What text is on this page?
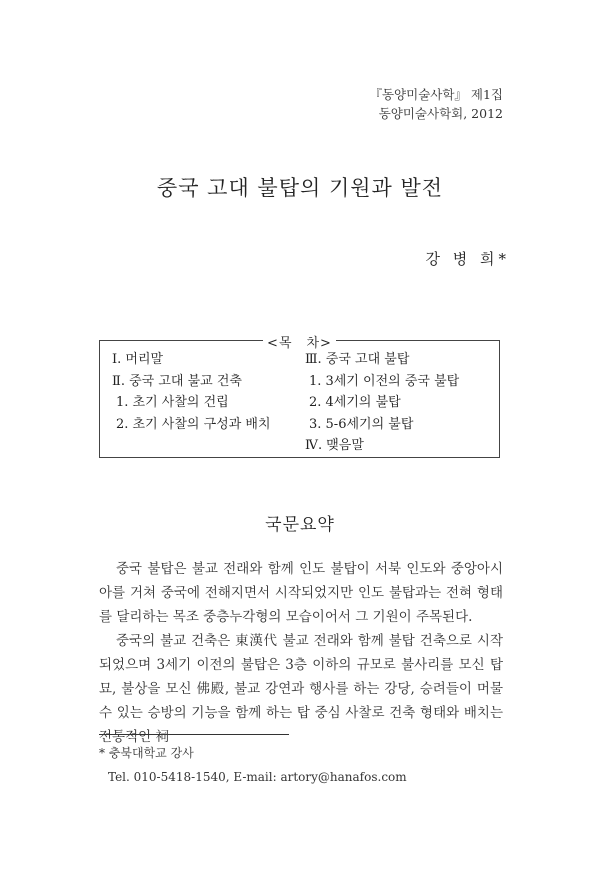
『동양미술사학』 제1집
동양미술사학회, 2012
중국 고대 불탑의 기원과 발전
강 병 희*
<목　차>
Ⅰ. 머리말
Ⅱ. 중국 고대 불교 건축
1. 초기 사찰의 건립
2. 초기 사찰의 구성과 배치
Ⅲ. 중국 고대 불탑
1. 3세기 이전의 중국 불탑
2. 4세기의 불탑
3. 5-6세기의 불탑
Ⅳ. 맺음말
국문요약

중국 불탑은 불교 전래와 함께 인도 불탑이 서북 인도와 중앙아시아를 거쳐 중국에 전해지면서 시작되었지만 인도 불탑과는 전혀 형태를 달리하는 목조 중층누각형의 모습이어서 그 기원이 주목된다.

중국의 불교 건축은 東漢代 불교 전래와 함께 불탑 건축으로 시작되었으며 3세기 이전의 불탑은 3층 이하의 규모로 불사리를 모신 탑묘, 불상을 모신 佛殿, 불교 강연과 행사를 하는 강당, 승려들이 머물 수 있는 승방의 기능을 함께 하는 탑 중심 사찰로 건축 형태와 배치는 전통적인 祠

* 충북대학교 강사
Tel. 010-5418-1540, E-mail: artory@hanafos.com
